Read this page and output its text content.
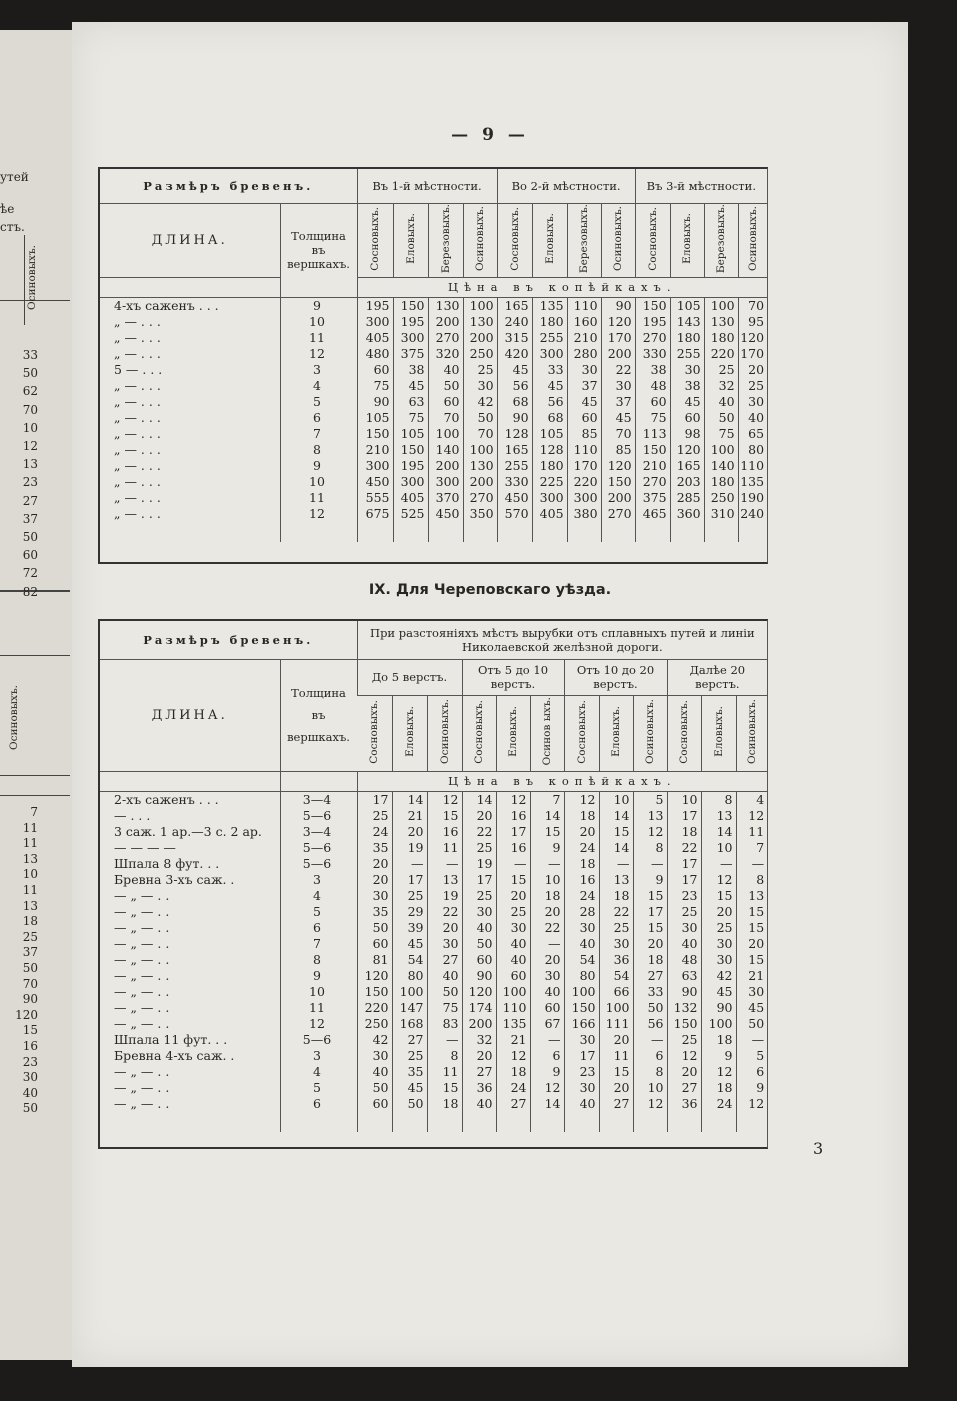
утей
ѣе
стъ.
Осиновыхъ.
Осиновыхъ.
33
50
62
70
10
12
13
23
27
37
50
60
72
82
7
11
11
13
10
11
13
18
25
37
50
70
90
120
15
16
23
30
40
50
— 9 —
Размѣръ бревенъ.		Въ 1-й мѣстности.				Во 2-й мѣстности.				Въ 3-й мѣстности.			
ДЛИНА.	Толщина
въ
вершкахъ.	Сосновыхъ.	Еловыхъ.	Березовыхъ.	Осиновыхъ.	Сосновыхъ.	Еловыхъ.	Березовыхъ.	Осиновыхъ.	Сосновыхъ.	Еловыхъ.	Березовыхъ.	Осиновыхъ.
		Цѣна въ копѣйкахъ.											
4-хъ саженъ . . .	9	195	150	130	100	165	135	110	90	150	105	100	70
„ — . . .	10	300	195	200	130	240	180	160	120	195	143	130	95
„ — . . .	11	405	300	270	200	315	255	210	170	270	180	180	120
„ — . . .	12	480	375	320	250	420	300	280	200	330	255	220	170
5 — . . .	3	60	38	40	25	45	33	30	22	38	30	25	20
„ — . . .	4	75	45	50	30	56	45	37	30	48	38	32	25
„ — . . .	5	90	63	60	42	68	56	45	37	60	45	40	30
„ — . . .	6	105	75	70	50	90	68	60	45	75	60	50	40
„ — . . .	7	150	105	100	70	128	105	85	70	113	98	75	65
„ — . . .	8	210	150	140	100	165	128	110	85	150	120	100	80
„ — . . .	9	300	195	200	130	255	180	170	120	210	165	140	110
„ — . . .	10	450	300	300	200	330	225	220	150	270	203	180	135
„ — . . .	11	555	405	370	270	450	300	300	200	375	285	250	190
„ — . . .	12	675	525	450	350	570	405	380	270	465	360	310	240

IX. Для Череповскаго уѣзда.
Размѣръ бревенъ.		При разстояніяхъ мѣстъ вырубки отъ сплавныхъ путей и линіи Николаевской желѣзной дороги.											
ДЛИНА.	Толщина
въ
вершкахъ.	До 5 верстъ.			Отъ 5 до 10 верстъ.			Отъ 10 до 20 верстъ.			Далѣе 20 верстъ.		
		Сосновыхъ.	Еловыхъ.	Осиновыхъ.	Сосновыхъ.	Еловыхъ.	Осинов ыхъ.	Сосновыхъ.	Еловыхъ.	Осиновыхъ.	Сосновыхъ.	Еловыхъ.	Осиновыхъ.
		Цѣна въ копѣйкахъ.											
2-хъ саженъ . . .	3—4	17	14	12	14	12	7	12	10	5	10	8	4
— . . .	5—6	25	21	15	20	16	14	18	14	13	17	13	12
3 саж. 1 ар.—3 с. 2 ар.	3—4	24	20	16	22	17	15	20	15	12	18	14	11
— — — —	5—6	35	19	11	25	16	9	24	14	8	22	10	7
Шпала 8 фут. . .	5—6	20	—	—	19	—	—	18	—	—	17	—	—
Бревна 3-хъ саж. .	3	20	17	13	17	15	10	16	13	9	17	12	8
— „ — . .	4	30	25	19	25	20	18	24	18	15	23	15	13
— „ — . .	5	35	29	22	30	25	20	28	22	17	25	20	15
— „ — . .	6	50	39	20	40	30	22	30	25	15	30	25	15
— „ — . .	7	60	45	30	50	40	—	40	30	20	40	30	20
— „ — . .	8	81	54	27	60	40	20	54	36	18	48	30	15
— „ — . .	9	120	80	40	90	60	30	80	54	27	63	42	21
— „ — . .	10	150	100	50	120	100	40	100	66	33	90	45	30
— „ — . .	11	220	147	75	174	110	60	150	100	50	132	90	45
— „ — . .	12	250	168	83	200	135	67	166	111	56	150	100	50
Шпала 11 фут. . .	5—6	42	27	—	32	21	—	30	20	—	25	18	—
Бревна 4-хъ саж. .	3	30	25	8	20	12	6	17	11	6	12	9	5
— „ — . .	4	40	35	11	27	18	9	23	15	8	20	12	6
— „ — . .	5	50	45	15	36	24	12	30	20	10	27	18	9
— „ — . .	6	60	50	18	40	27	14	40	27	12	36	24	12

3
